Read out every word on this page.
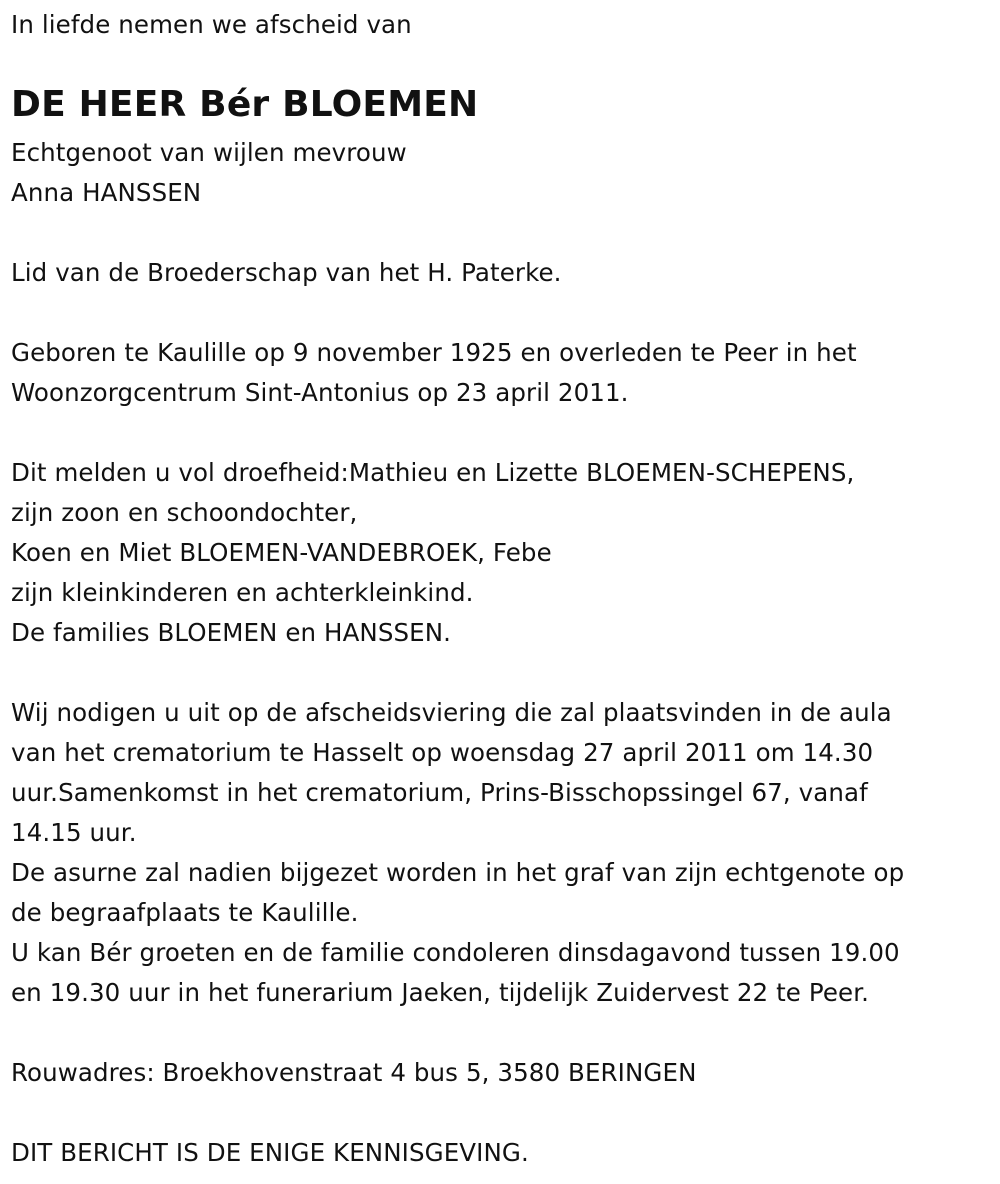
In liefde nemen we afscheid van
DE HEER Bér BLOEMEN
Echtgenoot van wijlen mevrouw
Anna HANSSEN
Lid van de Broederschap van het H. Paterke.
Geboren te Kaulille op 9 november 1925 en overleden te Peer in het
Woonzorgcentrum Sint-Antonius op 23 april 2011.
Dit melden u vol droefheid:Mathieu en Lizette BLOEMEN-SCHEPENS,
zijn zoon en schoondochter,
Koen en Miet BLOEMEN-VANDEBROEK, Febe
zijn kleinkinderen en achterkleinkind.
De families BLOEMEN en HANSSEN.
Wij nodigen u uit op de afscheidsviering die zal plaatsvinden in de aula
van het crematorium te Hasselt op woensdag 27 april 2011 om 14.30
uur.Samenkomst in het crematorium, Prins-Bisschopssingel 67, vanaf
14.15 uur.
De asurne zal nadien bijgezet worden in het graf van zijn echtgenote op
de begraafplaats te Kaulille.
U kan Bér groeten en de familie condoleren dinsdagavond tussen 19.00
en 19.30 uur in het funerarium Jaeken, tijdelijk Zuidervest 22 te Peer.
Rouwadres: Broekhovenstraat 4 bus 5, 3580 BERINGEN
DIT BERICHT IS DE ENIGE KENNISGEVING.
